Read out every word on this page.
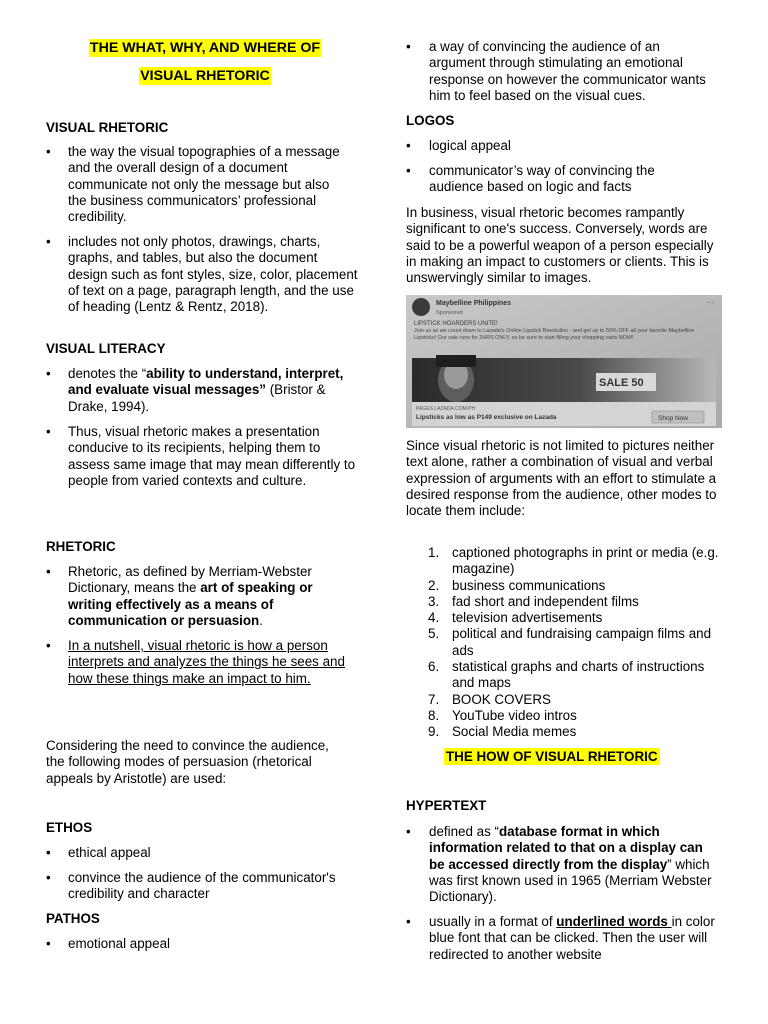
THE WHAT, WHY, AND WHERE OF
VISUAL RHETORIC
VISUAL RHETORIC
• the way the visual topographies of a message and the overall design of a document communicate not only the message but also the business communicators’ professional credibility.
• includes not only photos, drawings, charts, graphs, and tables, but also the document design such as font styles, size, color, placement of text on a page, paragraph length, and the use of heading (Lentz & Rentz, 2018).
VISUAL LITERACY
• denotes the “ability to understand, interpret, and evaluate visual messages” (Bristor & Drake, 1994).
• Thus, visual rhetoric makes a presentation conducive to its recipients, helping them to assess same image that may mean differently to people from varied contexts and culture.
RHETORIC
• Rhetoric, as defined by Merriam-Webster Dictionary, means the art of speaking or writing effectively as a means of communication or persuasion.
• In a nutshell, visual rhetoric is how a person interprets and analyzes the things he sees and how these things make an impact to him.
Considering the need to convince the audience, the following modes of persuasion (rhetorical appeals by Aristotle) are used:
ETHOS
• ethical appeal
• convince the audience of the communicator's credibility and character
PATHOS
• emotional appeal
• a way of convincing the audience of an argument through stimulating an emotional response on however the communicator wants him to feel based on the visual cues.
LOGOS
• logical appeal
• communicator’s way of convincing the audience based on logic and facts
In business, visual rhetoric becomes rampantly significant to one's success. Conversely, words are said to be a powerful weapon of a person especially in making an impact to customers or clients. This is unswervingly similar to images.
Maybelline Philippines
Sponsored
···
LIPSTICK HOARDERS UNITE!
Join us as we count down to Lazada's Online Lipstick Revolution - and get up to 50% OFF all your favorite Maybelline Lipsticks! Our sale runs for 2HRS ONLY, so be sure to start filling your shopping carts NOW!
SALE 50
PAGES.LAZADA.COM.PH
Lipsticks as low as P149 exclusive on Lazada	Shop Now
Since visual rhetoric is not limited to pictures neither text alone, rather a combination of visual and verbal expression of arguments with an effort to stimulate a desired response from the audience, other modes to locate them include:
1. captioned photographs in print or media (e.g. magazine)
2. business communications
3. fad short and independent films
4. television advertisements
5. political and fundraising campaign films and ads
6. statistical graphs and charts of instructions and maps
7. BOOK COVERS
8. YouTube video intros
9. Social Media memes
THE HOW OF VISUAL RHETORIC
HYPERTEXT
• defined as “database format in which information related to that on a display can be accessed directly from the display” which was first known used in 1965 (Merriam Webster Dictionary).
• usually in a format of underlined words in color blue font that can be clicked. Then the user will redirected to another website
